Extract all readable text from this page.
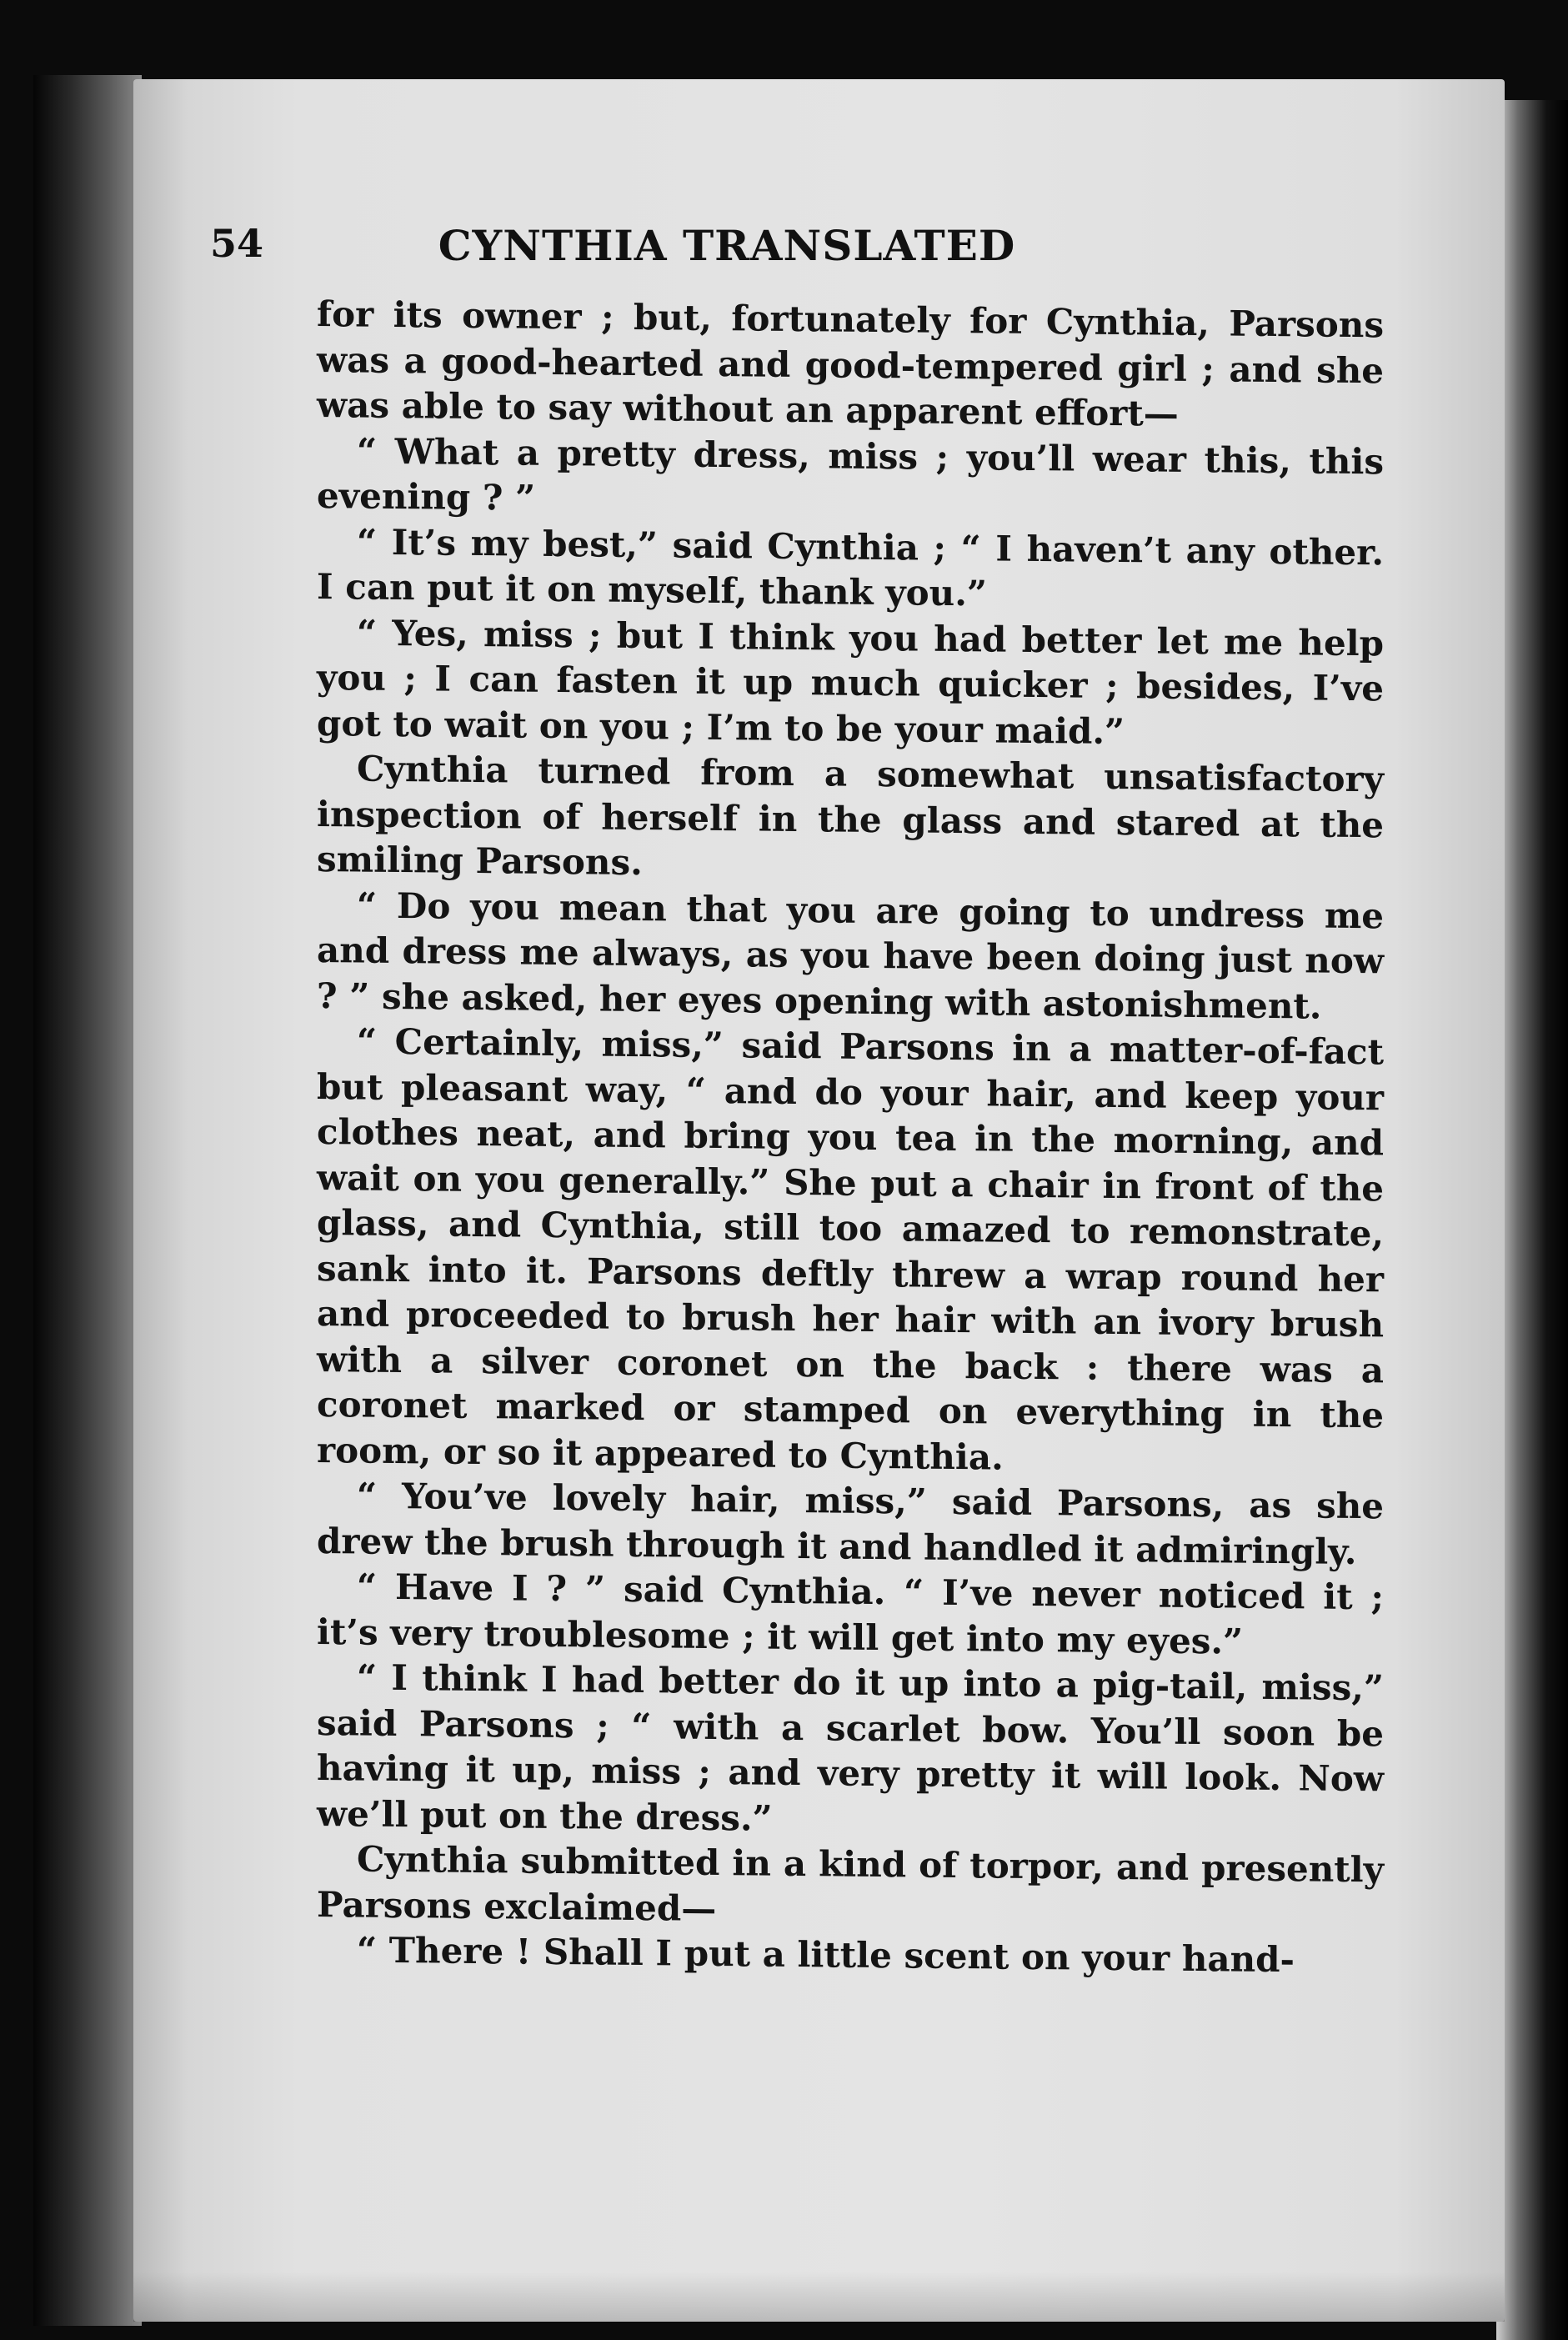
54	CYNTHIA TRANSLATED

for its owner ; but, fortunately for Cynthia, Parsons was a good-hearted and good-tempered girl ; and she was able to say without an apparent effort—

“ What a pretty dress, miss ; you’ll wear this, this evening ? ”

“ It’s my best,” said Cynthia ; “ I haven’t any other. I can put it on myself, thank you.”

“ Yes, miss ; but I think you had better let me help you ; I can fasten it up much quicker ; besides, I’ve got to wait on you ; I’m to be your maid.”

Cynthia turned from a somewhat unsatisfactory inspection of herself in the glass and stared at the smiling Parsons.

“ Do you mean that you are going to undress me and dress me always, as you have been doing just now ? ” she asked, her eyes opening with astonishment.

“ Certainly, miss,” said Parsons in a matter-of-fact but pleasant way, “ and do your hair, and keep your clothes neat, and bring you tea in the morning, and wait on you generally.” She put a chair in front of the glass, and Cynthia, still too amazed to remonstrate, sank into it. Parsons deftly threw a wrap round her and proceeded to brush her hair with an ivory brush with a silver coronet on the back : there was a coronet marked or stamped on everything in the room, or so it appeared to Cynthia.

“ You’ve lovely hair, miss,” said Parsons, as she drew the brush through it and handled it admiringly.

“ Have I ? ” said Cynthia. “ I’ve never noticed it ; it’s very troublesome ; it will get into my eyes.”

“ I think I had better do it up into a pig-tail, miss,” said Parsons ; “ with a scarlet bow. You’ll soon be having it up, miss ; and very pretty it will look. Now we’ll put on the dress.”

Cynthia submitted in a kind of torpor, and presently Parsons exclaimed—

“ There ! Shall I put a little scent on your hand-
